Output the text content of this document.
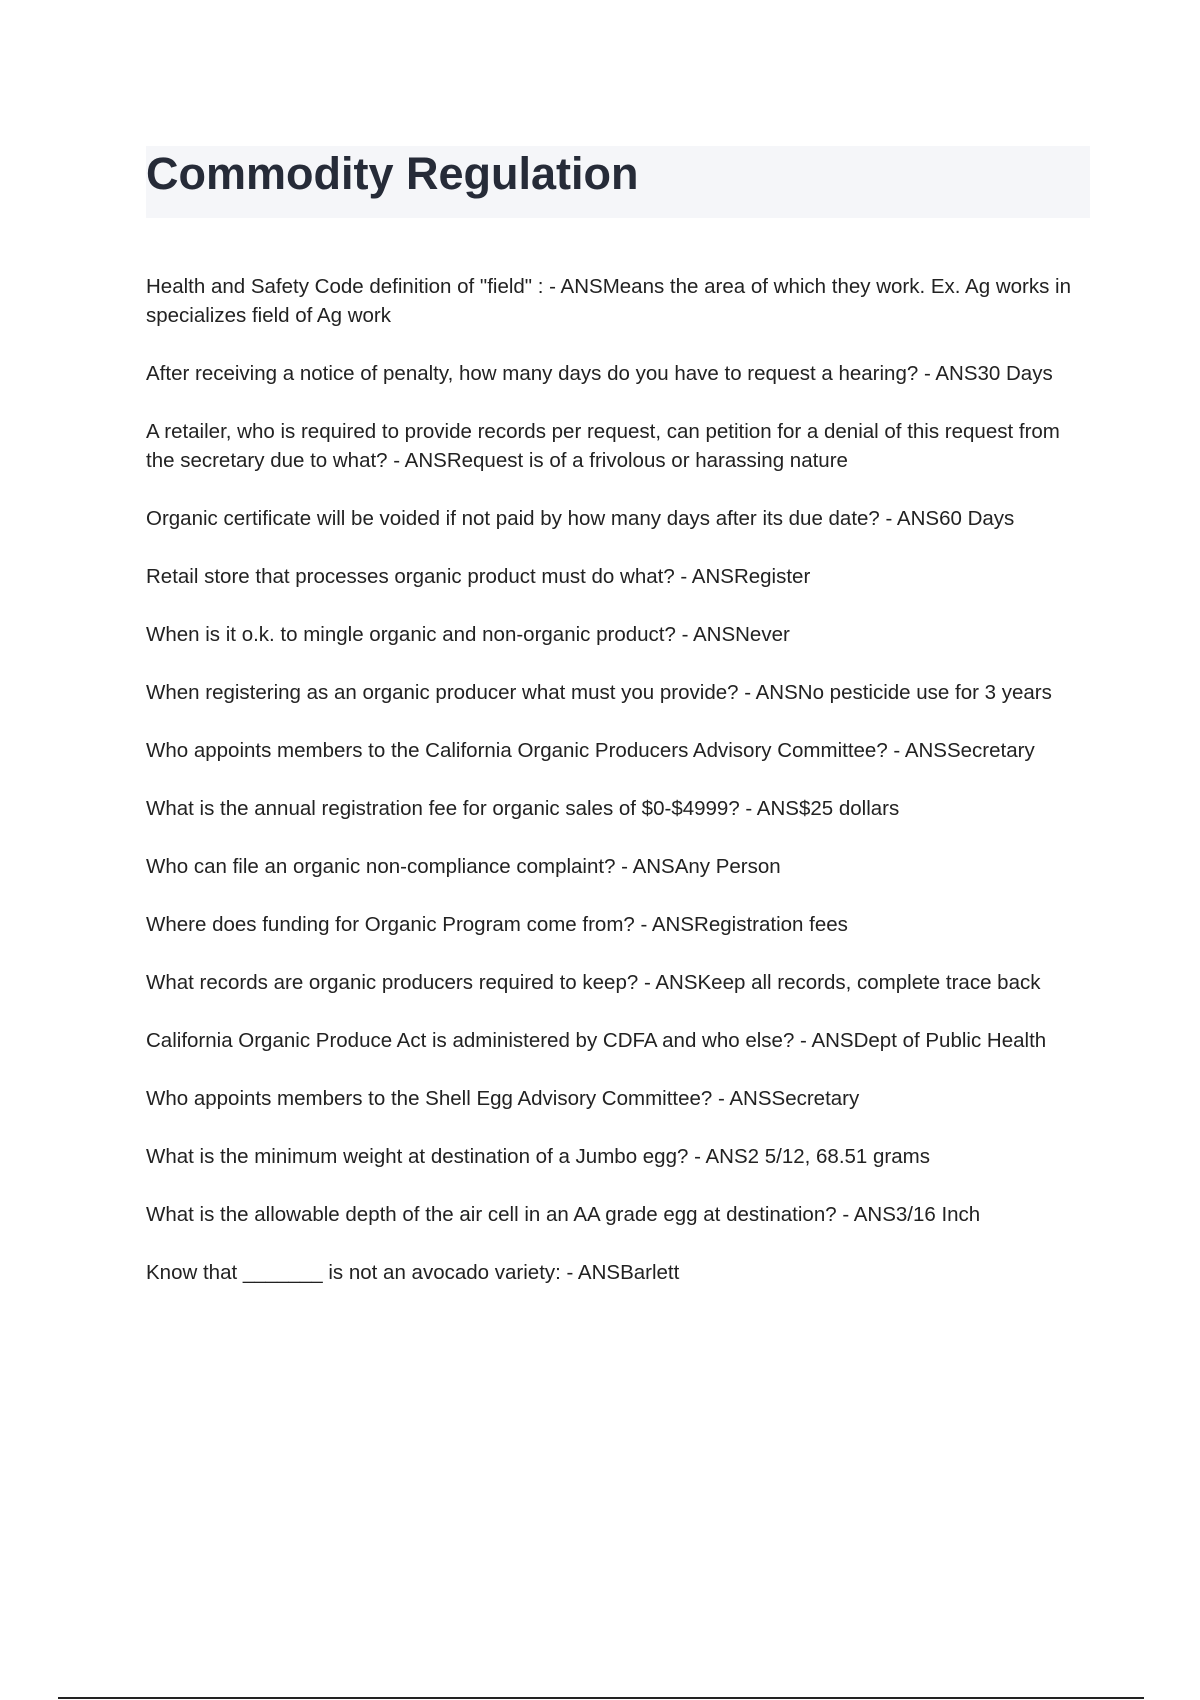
Commodity Regulation
Health and Safety Code definition of "field" : - ANSMeans the area of which they work. Ex. Ag works in specializes field of Ag work
After receiving a notice of penalty, how many days do you have to request a hearing? - ANS30 Days
A retailer, who is required to provide records per request, can petition for a denial of this request from the secretary due to what? - ANSRequest is of a frivolous or harassing nature
Organic certificate will be voided if not paid by how many days after its due date? - ANS60 Days
Retail store that processes organic product must do what? - ANSRegister
When is it o.k. to mingle organic and non-organic product? - ANSNever
When registering as an organic producer what must you provide? - ANSNo pesticide use for 3 years
Who appoints members to the California Organic Producers Advisory Committee? - ANSSecretary
What is the annual registration fee for organic sales of $0-$4999? - ANS$25 dollars
Who can file an organic non-compliance complaint? - ANSAny Person
Where does funding for Organic Program come from? - ANSRegistration fees
What records are organic producers required to keep? - ANSKeep all records, complete trace back
California Organic Produce Act is administered by CDFA and who else? - ANSDept of Public Health
Who appoints members to the Shell Egg Advisory Committee? - ANSSecretary
What is the minimum weight at destination of a Jumbo egg? - ANS2 5/12, 68.51 grams
What is the allowable depth of the air cell in an AA grade egg at destination? - ANS3/16 Inch
Know that _______ is not an avocado variety: - ANSBarlett
